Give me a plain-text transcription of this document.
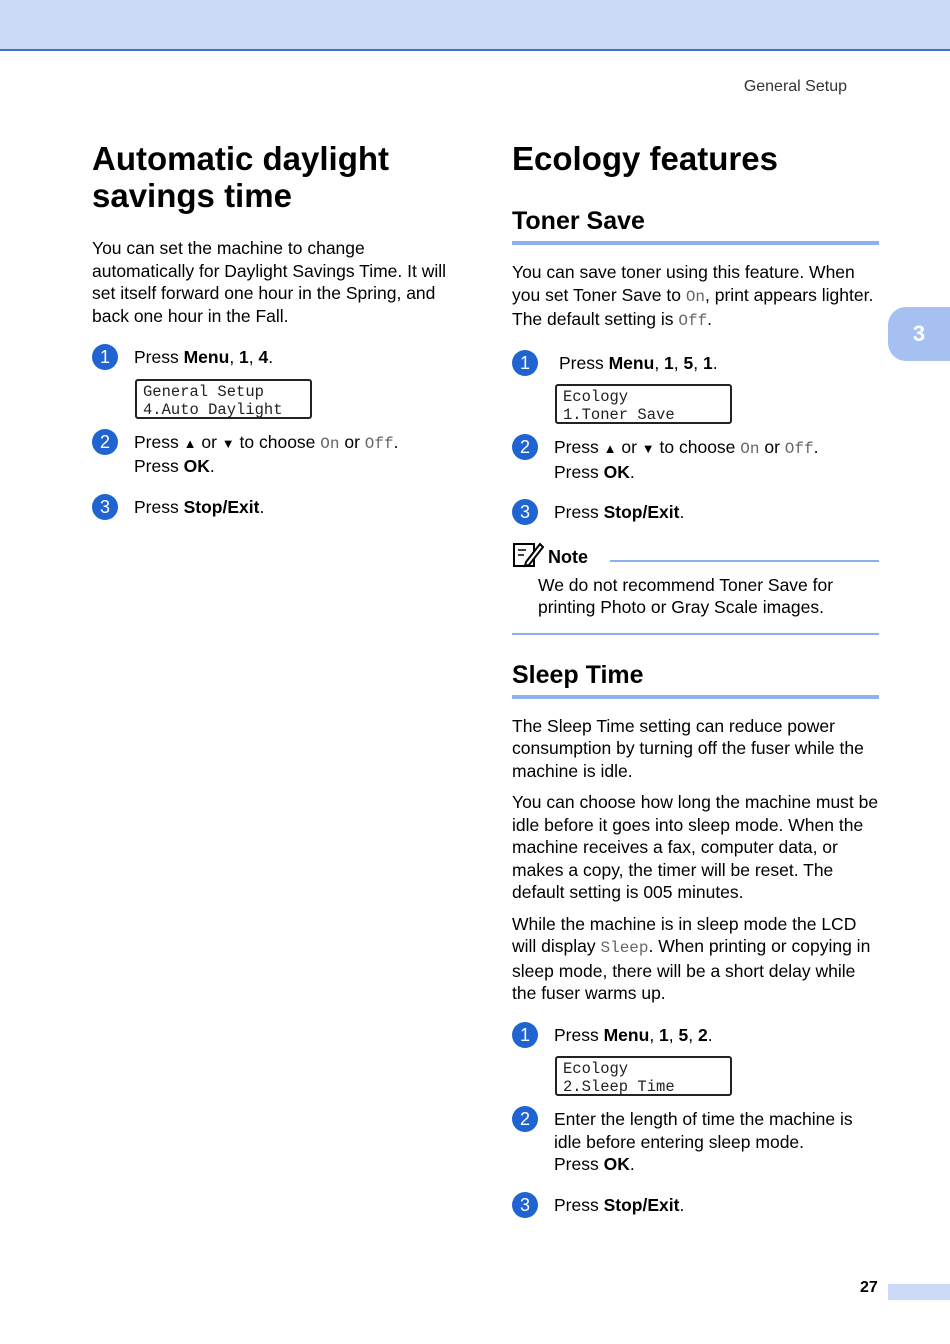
General Setup
3
Automatic daylight
savings time

You can set the machine to change automatically for Daylight Savings Time. It will set itself forward one hour in the Spring, and back one hour in the Fall.

1	Press Menu, 1, 4.
General Setup
4.Auto Daylight
2	Press ▲ or ▼ to choose On or Off.
Press OK.
3	Press Stop/Exit.
Ecology features
Toner Save

You can save toner using this feature. When you set Toner Save to On, print appears lighter. The default setting is Off.

1	Press Menu, 1, 5, 1.
Ecology
1.Toner Save
2	Press ▲ or ▼ to choose On or Off.
Press OK.
3	Press Stop/Exit.
Note

We do not recommend Toner Save for printing Photo or Gray Scale images.

Sleep Time

The Sleep Time setting can reduce power consumption by turning off the fuser while the machine is idle.

You can choose how long the machine must be idle before it goes into sleep mode. When the machine receives a fax, computer data, or makes a copy, the timer will be reset. The default setting is 005 minutes.

While the machine is in sleep mode the LCD will display Sleep. When printing or copying in sleep mode, there will be a short delay while the fuser warms up.

1	Press Menu, 1, 5, 2.
Ecology
2.Sleep Time
2	Enter the length of time the machine is idle before entering sleep mode.
Press OK.
3	Press Stop/Exit.
27
